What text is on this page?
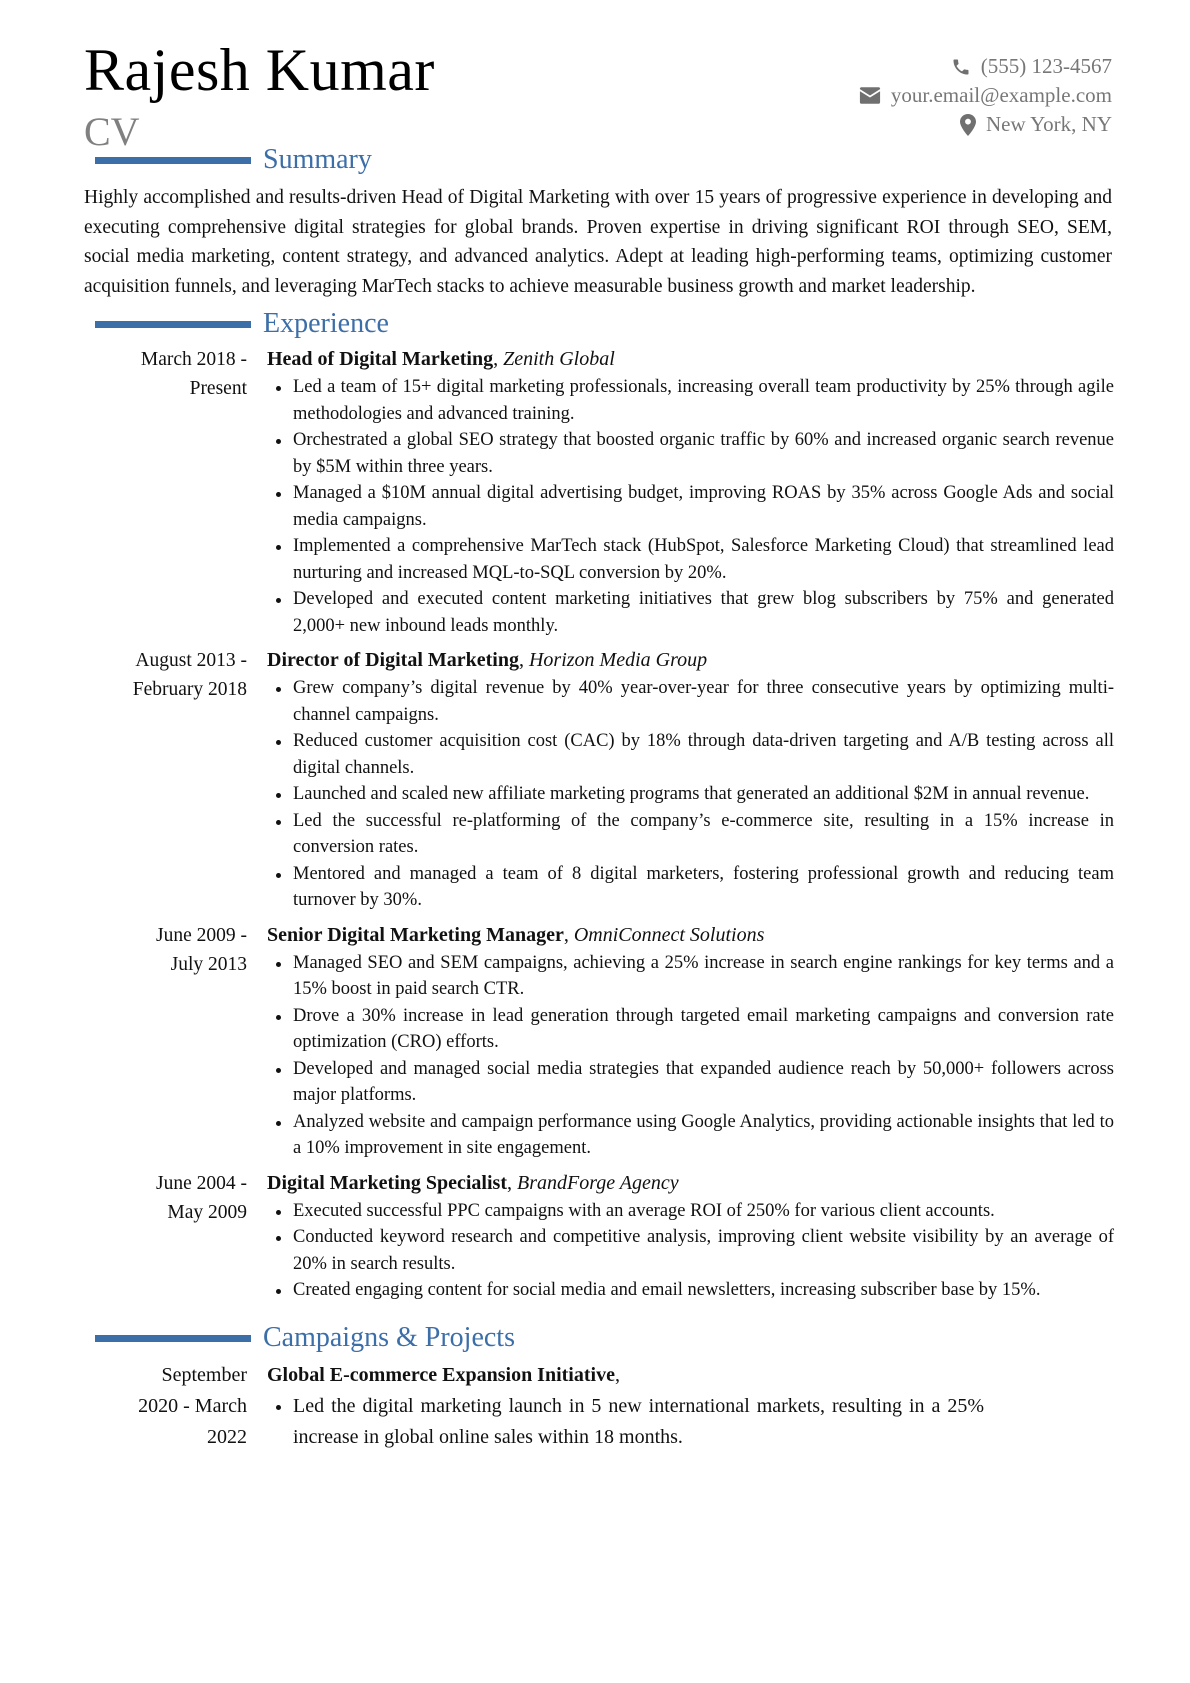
Rajesh Kumar
CV
(555) 123-4567
your.email@example.com
New York, NY
Summary
Highly accomplished and results-driven Head of Digital Marketing with over 15 years of progressive experience in developing and executing comprehensive digital strategies for global brands. Proven expertise in driving significant ROI through SEO, SEM, social media marketing, content strategy, and advanced analytics. Adept at leading high-performing teams, optimizing customer acquisition funnels, and leveraging MarTech stacks to achieve measurable business growth and market leadership.
Experience
March 2018 -
Present
Head of Digital Marketing, Zenith Global
Led a team of 15+ digital marketing professionals, increasing overall team productivity by 25% through agile methodologies and advanced training.
Orchestrated a global SEO strategy that boosted organic traffic by 60% and increased organic search revenue by $5M within three years.
Managed a $10M annual digital advertising budget, improving ROAS by 35% across Google Ads and social media campaigns.
Implemented a comprehensive MarTech stack (HubSpot, Salesforce Marketing Cloud) that streamlined lead nurturing and increased MQL-to-SQL conversion by 20%.
Developed and executed content marketing initiatives that grew blog subscribers by 75% and generated 2,000+ new inbound leads monthly.
August 2013 -
February 2018
Director of Digital Marketing, Horizon Media Group
Grew company’s digital revenue by 40% year-over-year for three consecutive years by optimizing multi-channel campaigns.
Reduced customer acquisition cost (CAC) by 18% through data-driven targeting and A/B testing across all digital channels.
Launched and scaled new affiliate marketing programs that generated an additional $2M in annual revenue.
Led the successful re-platforming of the company’s e-commerce site, resulting in a 15% increase in conversion rates.
Mentored and managed a team of 8 digital marketers, fostering professional growth and reducing team turnover by 30%.
June 2009 -
July 2013
Senior Digital Marketing Manager, OmniConnect Solutions
Managed SEO and SEM campaigns, achieving a 25% increase in search engine rankings for key terms and a 15% boost in paid search CTR.
Drove a 30% increase in lead generation through targeted email marketing campaigns and conversion rate optimization (CRO) efforts.
Developed and managed social media strategies that expanded audience reach by 50,000+ followers across major platforms.
Analyzed website and campaign performance using Google Analytics, providing actionable insights that led to a 10% improvement in site engagement.
June 2004 -
May 2009
Digital Marketing Specialist, BrandForge Agency
Executed successful PPC campaigns with an average ROI of 250% for various client accounts.
Conducted keyword research and competitive analysis, improving client website visibility by an average of 20% in search results.
Created engaging content for social media and email newsletters, increasing subscriber base by 15%.
Campaigns & Projects
September
2020 - March
2022
Global E-commerce Expansion Initiative,
Led the digital marketing launch in 5 new international markets, resulting in a 25% increase in global online sales within 18 months.
